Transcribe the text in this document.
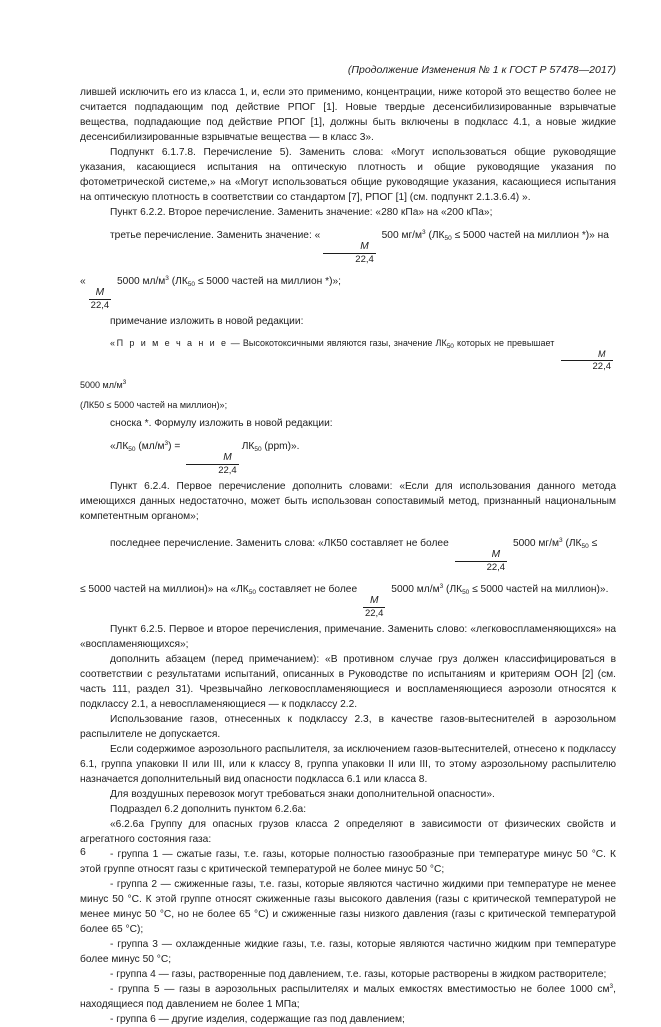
(Продолжение Изменения № 1 к ГОСТ Р 57478—2017)

лившей исключить его из класса 1, и, если это применимо, концентрации, ниже которой это вещество более не считается подпадающим под действие РПОГ [1]. Новые твердые десенсибилизированные взрывчатые вещества, подпадающие под действие РПОГ [1], должны быть включены в подкласс 4.1, а новые жидкие десенсибилизированные взрывчатые вещества — в класс 3».

Подпункт 6.1.7.8. Перечисление 5). Заменить слова: «Могут использоваться общие руководящие указания, касающиеся испытания на оптическую плотность и общие руководящие указания по фотометрической системе,» на «Могут использоваться общие руководящие указания, касающиеся испытания на оптическую плотность в соответствии со стандартом [7], РПОГ [1] (см. подпункт 2.1.3.6.4) ».

Пункт 6.2.2. Второе перечисление. Заменить значение: «280 кПа» на «200 кПа»;

третье перечисление. Заменить значение: «
$\frac{M}{22,4}$
500 $мг/м^3$ ($ЛК_{50} \le 5000$ частей на миллион *)» на

«
$\frac{M}{22,4}$
5000 $мл/м^3$ ($ЛК_{50} \le 5000$ частей на миллион *)»;

примечание изложить в новой редакции:

«П р и м е ч а н и е — Высокотоксичными являются газы, значение $ЛК_{50}$ которых не превышает
$\frac{M}{22,4}$
5000 $мл/м^3$

(ЛК50 ≤ 5000 частей на миллион)»;

сноска *. Формулу изложить в новой редакции:

«$ЛК_{50}$ $(мл/м^3)$ =
$\frac{M}{22,4}$
$ЛК_{50}$ (ppm)».

Пункт 6.2.4. Первое перечисление дополнить словами: «Если для использования данного метода имеющихся данных недостаточно, может быть использован сопоставимый метод, признанный национальным компетентным органом»;

последнее перечисление. Заменить слова: «ЛК50 составляет не более
$\frac{M}{22,4}$
5000 $мг/м^3$ ($ЛК_{50}$ ≤

≤ 5000 частей на миллион)» на «$ЛК_{50}$ составляет не более
$\frac{M}{22,4}$
5000 $мл/м^3$ ($ЛК_{50} \le 5000$ частей на миллион)».

Пункт 6.2.5. Первое и второе перечисления, примечание. Заменить слово: «легковоспламеняющихся» на «воспламеняющихся»;

дополнить абзацем (перед примечанием): «В противном случае груз должен классифицироваться в соответствии с результатами испытаний, описанных в Руководстве по испытаниям и критериям ООН [2] (см. часть 111, раздел 31). Чрезвычайно легковоспламеняющиеся и воспламеняющиеся аэрозоли относятся к подклассу 2.1, а невоспламеняющиеся — к подклассу 2.2.

Использование газов, отнесенных к подклассу 2.3, в качестве газов-вытеснителей в аэрозольном распылителе не допускается.

Если содержимое аэрозольного распылителя, за исключением газов-вытеснителей, отнесено к подклассу 6.1, группа упаковки II или III, или к классу 8, группа упаковки II или III, то этому аэрозольному распылителю назначается дополнительный вид опасности подкласса 6.1 или класса 8.

Для воздушных перевозок могут требоваться знаки дополнительной опасности».

Подраздел 6.2 дополнить пунктом 6.2.6а:

«6.2.6а Группу для опасных грузов класса 2 определяют в зависимости от физических свойств и агрегатного состояния газа:

- группа 1 — сжатые газы, т.е. газы, которые полностью газообразные при температуре минус 50 °C. К этой группе относят газы с критической температурой не более минус 50 °C;

- группа 2 — сжиженные газы, т.е. газы, которые являются частично жидкими при температуре не менее минус 50 °C. К этой группе относят сжиженные газы высокого давления (газы с критической температурой не менее минус 50 °C, но не более 65 °C) и сжиженные газы низкого давления (газы с критической температурой более 65 °C);

- группа 3 — охлажденные жидкие газы, т.е. газы, которые являются частично жидким при температуре более минус 50 °C;

- группа 4 — газы, растворенные под давлением, т.е. газы, которые растворены в жидком растворителе;

- группа 5 — газы в аэрозольных распылителях и малых емкостях вместимостью не более 1000 $см^3$, находящиеся под давлением не более 1 МПа;

- группа 6 — другие изделия, содержащие газ под давлением;

6
